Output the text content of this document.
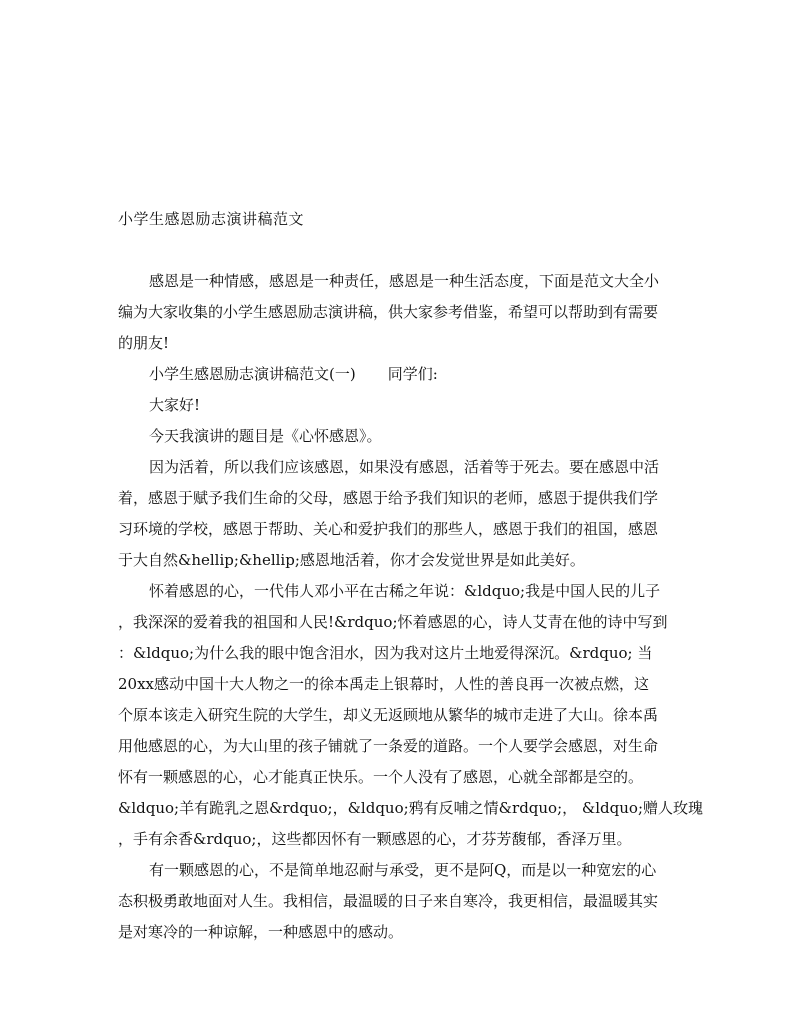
小学生感恩励志演讲稿范文
感恩是一种情感，感恩是一种责任，感恩是一种生活态度，下面是范文大全小
编为大家收集的小学生感恩励志演讲稿，供大家参考借鉴，希望可以帮助到有需要
的朋友!
小学生感恩励志演讲稿范文(一) 同学们:
大家好!
今天我演讲的题目是《心怀感恩》。
因为活着，所以我们应该感恩，如果没有感恩，活着等于死去。要在感恩中活
着，感恩于赋予我们生命的父母，感恩于给予我们知识的老师，感恩于提供我们学
习环境的学校，感恩于帮助、关心和爱护我们的那些人，感恩于我们的祖国，感恩
于大自然&hellip;&hellip;感恩地活着，你才会发觉世界是如此美好。
怀着感恩的心，一代伟人邓小平在古稀之年说：&ldquo;我是中国人民的儿子
，我深深的爱着我的祖国和人民!&rdquo;怀着感恩的心，诗人艾青在他的诗中写到
：&ldquo;为什么我的眼中饱含泪水，因为我对这片土地爱得深沉。&rdquo; 当
20xx感动中国十大人物之一的徐本禹走上银幕时，人性的善良再一次被点燃，这
个原本该走入研究生院的大学生，却义无返顾地从繁华的城市走进了大山。徐本禹
用他感恩的心，为大山里的孩子铺就了一条爱的道路。一个人要学会感恩，对生命
怀有一颗感恩的心，心才能真正快乐。一个人没有了感恩，心就全部都是空的。
&ldquo;羊有跪乳之恩&rdquo;，&ldquo;鸦有反哺之情&rdquo;， &ldquo;赠人玫瑰
，手有余香&rdquo;，这些都因怀有一颗感恩的心，才芬芳馥郁，香泽万里。
有一颗感恩的心，不是简单地忍耐与承受，更不是阿Q，而是以一种宽宏的心
态积极勇敢地面对人生。我相信，最温暖的日子来自寒冷，我更相信，最温暖其实
是对寒冷的一种谅解，一种感恩中的感动。
